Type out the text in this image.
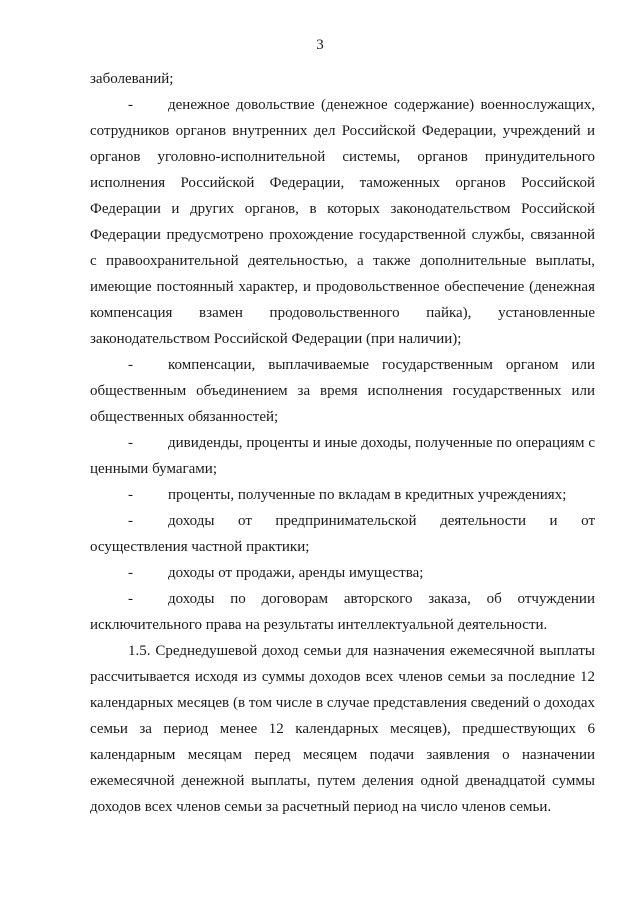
3

заболеваний;

-	денежное довольствие (денежное содержание) военнослужащих, сотрудников органов внутренних дел Российской Федерации, учреждений и органов уголовно-исполнительной системы, органов принудительного исполнения Российской Федерации, таможенных органов Российской Федерации и других органов, в которых законодательством Российской Федерации предусмотрено прохождение государственной службы, связанной с правоохранительной деятельностью, а также дополнительные выплаты, имеющие постоянный характер, и продовольственное обеспечение (денежная компенсация взамен продовольственного пайка), установленные законодательством Российской Федерации (при наличии);

-	компенсации, выплачиваемые государственным органом или общественным объединением за время исполнения государственных или общественных обязанностей;

-	дивиденды, проценты и иные доходы, полученные по операциям с ценными бумагами;

-	проценты, полученные по вкладам в кредитных учреждениях;

-	доходы от предпринимательской деятельности и от осуществления частной практики;

-	доходы от продажи, аренды имущества;

-	доходы по договорам авторского заказа, об отчуждении исключительного права на результаты интеллектуальной деятельности.

1.5. Среднедушевой доход семьи для назначения ежемесячной выплаты рассчитывается исходя из суммы доходов всех членов семьи за последние 12 календарных месяцев (в том числе в случае представления сведений о доходах семьи за период менее 12 календарных месяцев), предшествующих 6 календарным месяцам перед месяцем подачи заявления о назначении ежемесячной денежной выплаты, путем деления одной двенадцатой суммы доходов всех членов семьи за расчетный период на число членов семьи.
